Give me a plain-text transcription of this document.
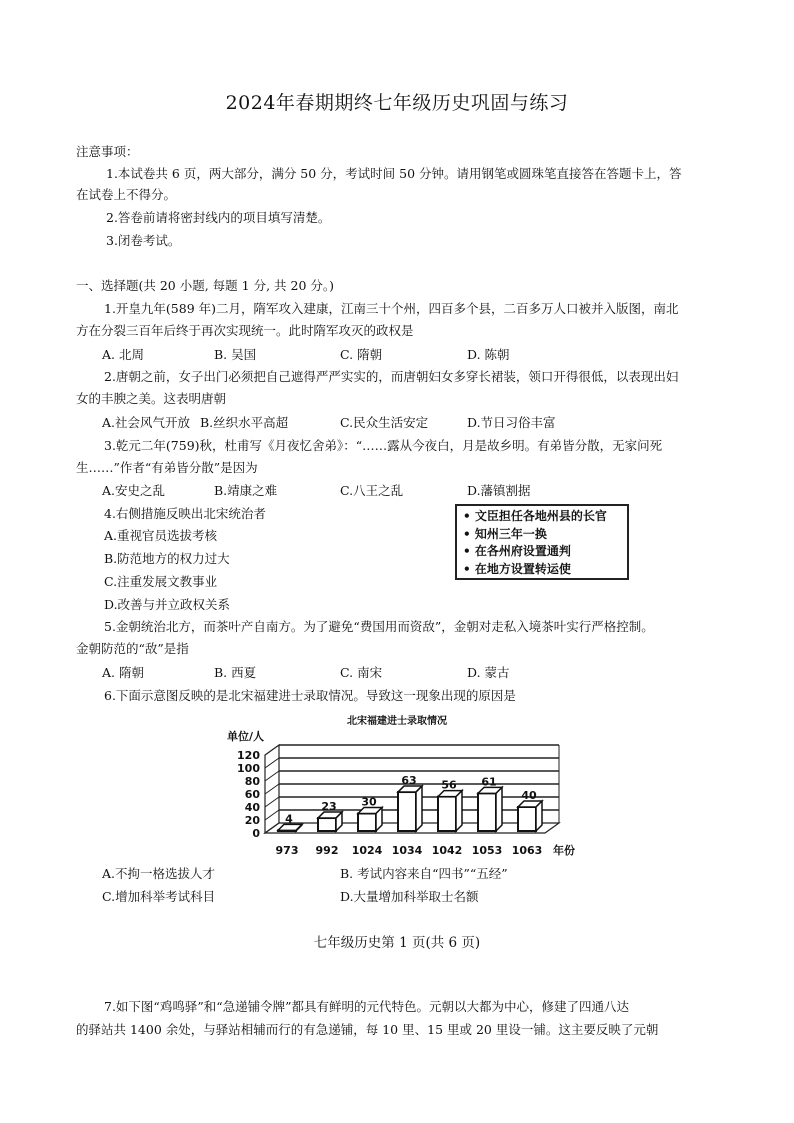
2024年春期期终七年级历史巩固与练习
注意事项：
1.本试卷共 6 页，两大部分，满分 50 分，考试时间 50 分钟。请用钢笔或圆珠笔直接答在答题卡上，答
在试卷上不得分。
2.答卷前请将密封线内的项目填写清楚。
3.闭卷考试。
一、选择题(共 20 小题, 每题 1 分, 共 20 分。)
1.开皇九年(589 年)二月，隋军攻入建康，江南三十个州，四百多个县，二百多万人口被并入版图，南北
方在分裂三百年后终于再次实现统一。此时隋军攻灭的政权是
A. 北周	B. 吴国	C. 隋朝	D. 陈朝
2.唐朝之前，女子出门必须把自己遮得严严实实的，而唐朝妇女多穿长裙装，领口开得很低，以表现出妇
女的丰腴之美。这表明唐朝
A.社会风气开放 B.丝织水平高超	C.民众生活安定	D.节日习俗丰富
3.乾元二年(759)秋，杜甫写《月夜忆舍弟》：“……露从今夜白，月是故乡明。有弟皆分散，无家问死
生……”作者“有弟皆分散”是因为
A.安史之乱	B.靖康之难	C.八王之乱	D.藩镇割据
4.右侧措施反映出北宋统治者
A.重视官员选拔考核
B.防范地方的权力过大
C.注重发展文教事业
D.改善与并立政权关系
• 文臣担任各地州县的长官
• 知州三年一换
• 在各州府设置通判
• 在地方设置转运使
5.金朝统治北方，而茶叶产自南方。为了避免“费国用而资敌”，金朝对走私入境茶叶实行严格控制。
金朝防范的“敌”是指
A. 隋朝	B. 西夏	C. 南宋	D. 蒙古
6.下面示意图反映的是北宋福建进士录取情况。导致这一现象出现的原因是
北宋福建进士录取情况
0
20
40
60
80
100
120
单位/人
4
973
23
992
30
1024
63
1034
56
1042
61
1053
40
1063 年份
A.不拘一格选拔人才	B. 考试内容来自“四书”“五经”
C.增加科举考试科目	D.大量增加科举取士名额
七年级历史第 1 页(共 6 页)
7.如下图“鸡鸣驿”和“急递铺令牌”都具有鲜明的元代特色。元朝以大都为中心，修建了四通八达
的驿站共 1400 余处，与驿站相辅而行的有急递铺，每 10 里、15 里或 20 里设一铺。这主要反映了元朝
